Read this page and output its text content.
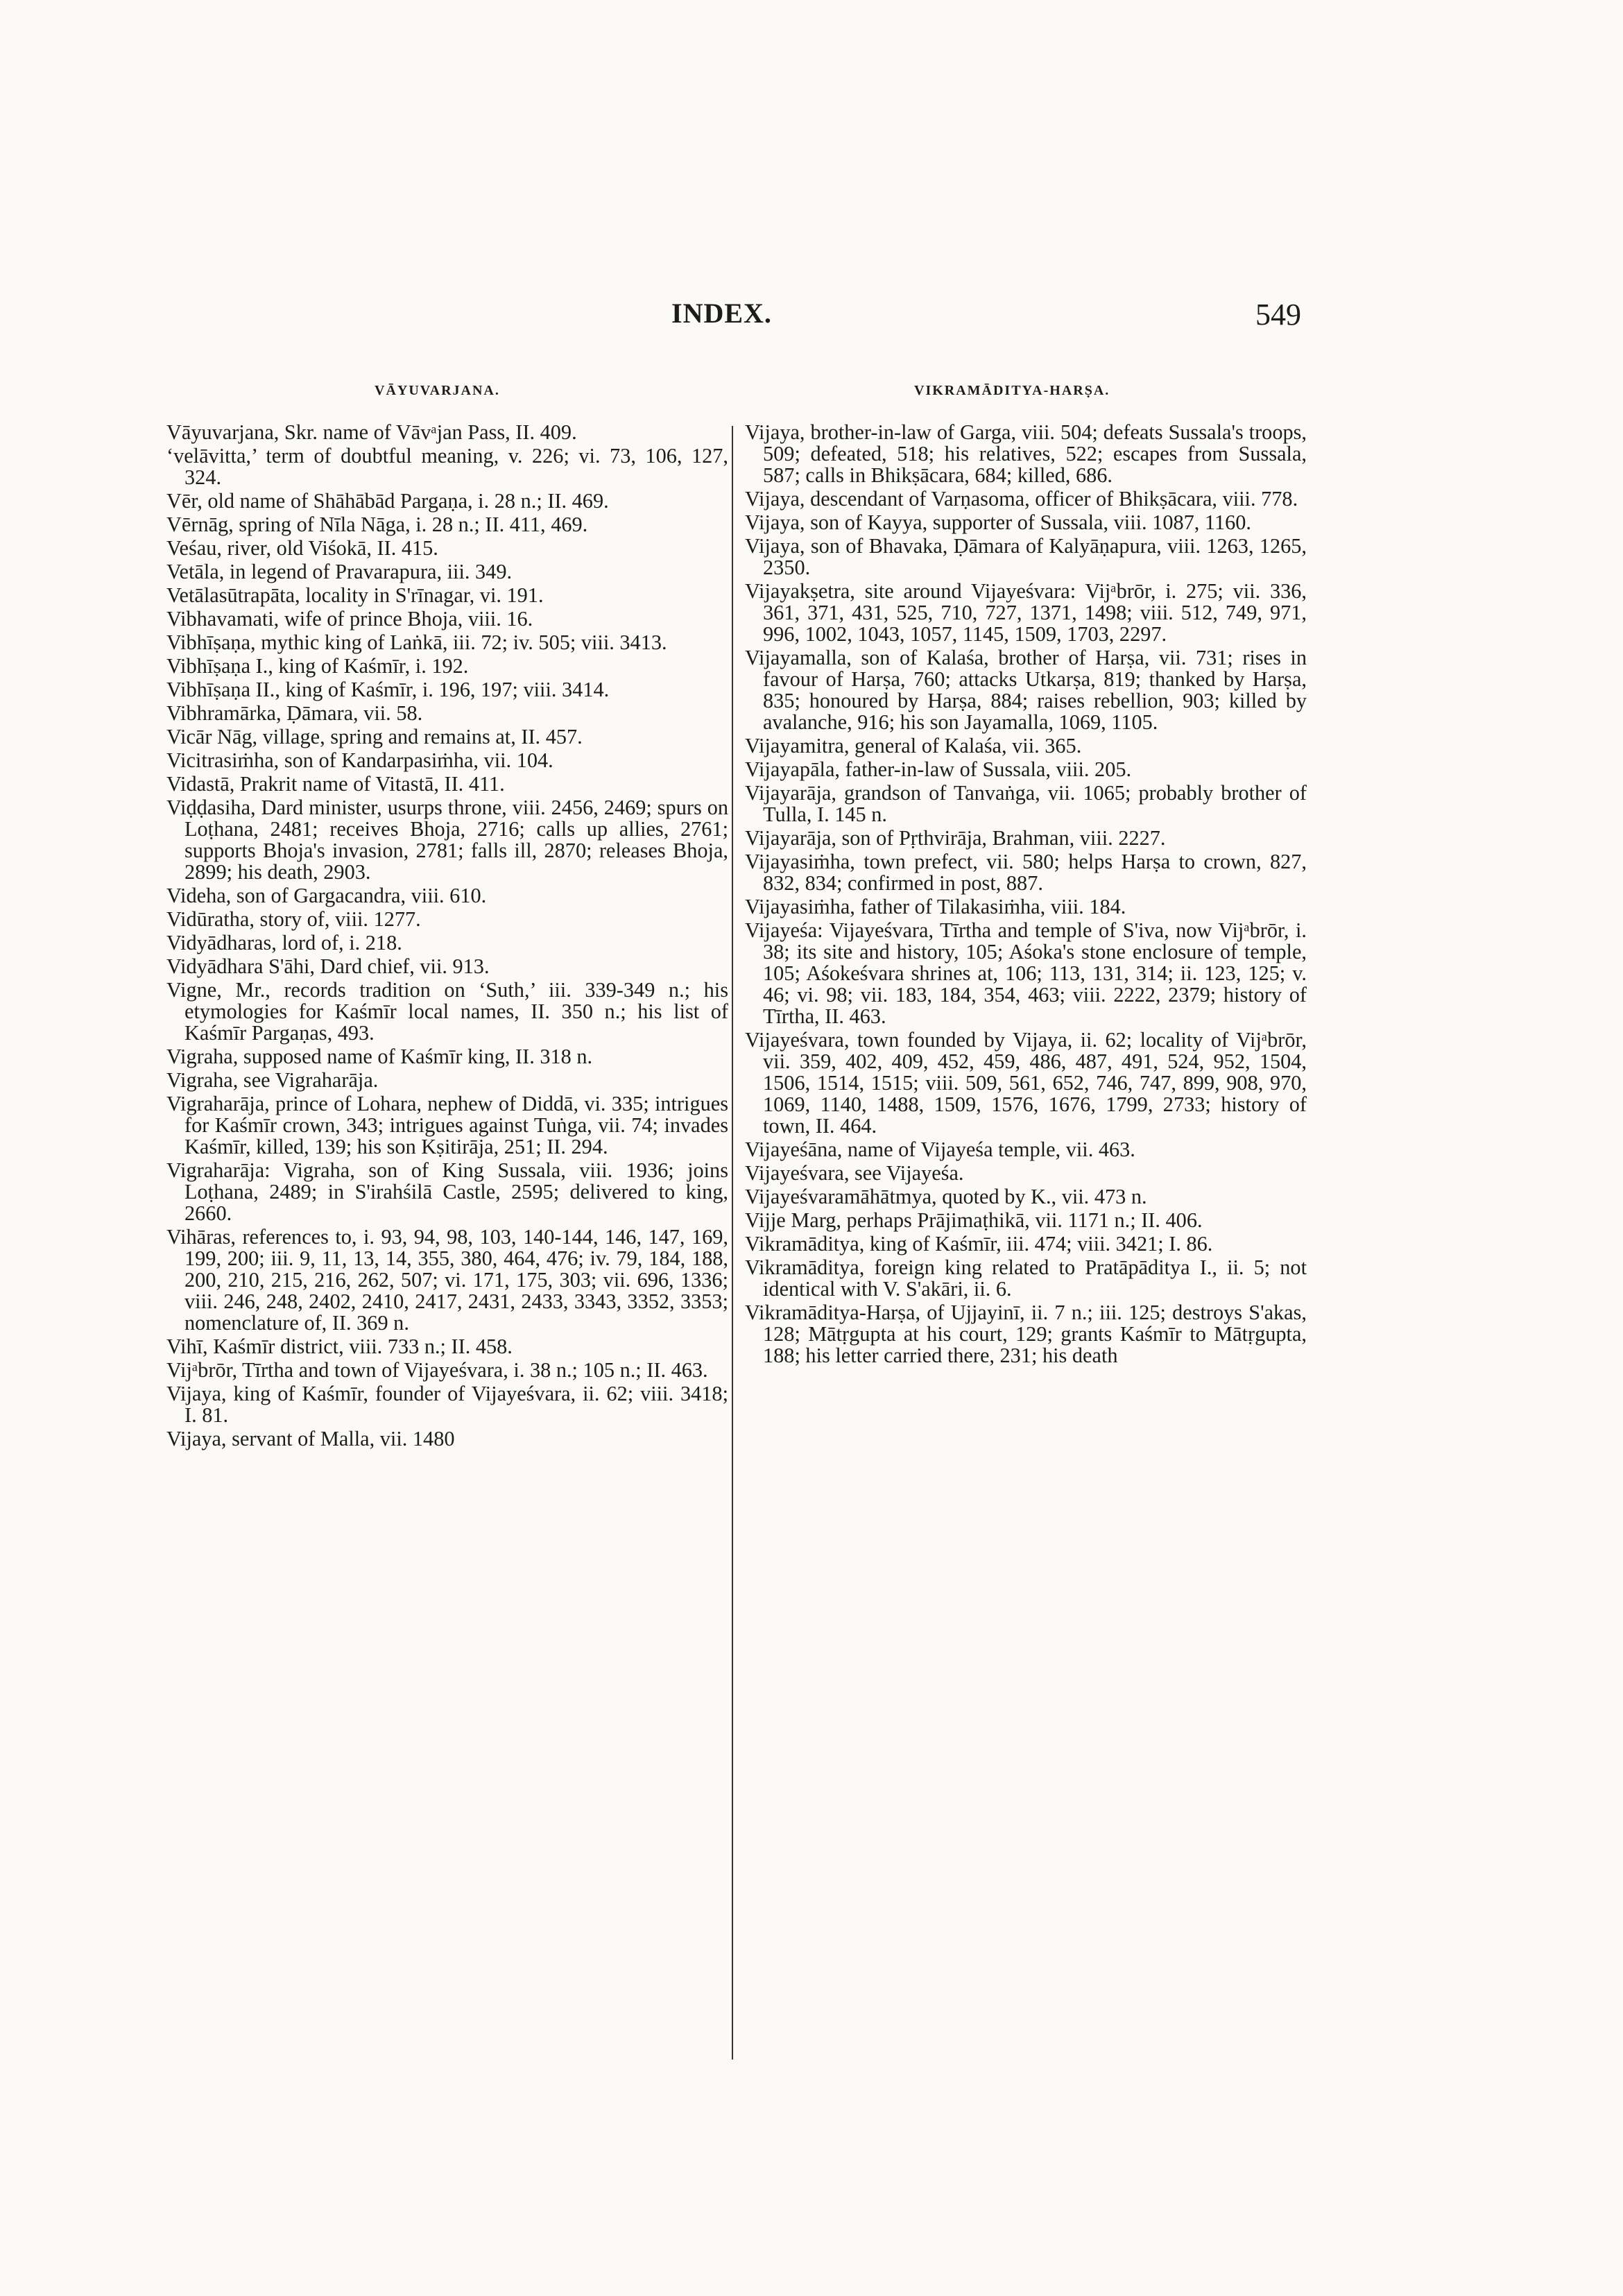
INDEX.	549
VĀYUVARJANA.	VIKRAMĀDITYA-HARṢA.

Vāyuvarjana, Skr. name of Vāvᵃjan Pass, II. 409.

‘velāvitta,’ term of doubtful meaning, v. 226; vi. 73, 106, 127, 324.

Vēr, old name of Shāhābād Pargaṇa, i. 28 n.; II. 469.

Vērnāg, spring of Nīla Nāga, i. 28 n.; II. 411, 469.

Veśau, river, old Viśokā, II. 415.

Vetāla, in legend of Pravarapura, iii. 349.

Vetālasūtrapāta, locality in S'rīnagar, vi. 191.

Vibhavamati, wife of prince Bhoja, viii. 16.

Vibhīṣaṇa, mythic king of Laṅkā, iii. 72; iv. 505; viii. 3413.

Vibhīṣaṇa I., king of Kaśmīr, i. 192.

Vibhīṣaṇa II., king of Kaśmīr, i. 196, 197; viii. 3414.

Vibhramārka, Ḍāmara, vii. 58.

Vicār Nāg, village, spring and remains at, II. 457.

Vicitrasiṁha, son of Kandarpasiṁha, vii. 104.

Vidastā, Prakrit name of Vitastā, II. 411.

Viḍḍasiha, Dard minister, usurps throne, viii. 2456, 2469; spurs on Loṭhana, 2481; receives Bhoja, 2716; calls up allies, 2761; supports Bhoja's invasion, 2781; falls ill, 2870; releases Bhoja, 2899; his death, 2903.

Videha, son of Gargacandra, viii. 610.

Vidūratha, story of, viii. 1277.

Vidyādharas, lord of, i. 218.

Vidyādhara S'āhi, Dard chief, vii. 913.

Vigne, Mr., records tradition on ‘Suth,’ iii. 339-349 n.; his etymologies for Kaśmīr local names, II. 350 n.; his list of Kaśmīr Pargaṇas, 493.

Vigraha, supposed name of Kaśmīr king, II. 318 n.

Vigraha, see Vigraharāja.

Vigraharāja, prince of Lohara, nephew of Diddā, vi. 335; intrigues for Kaśmīr crown, 343; intrigues against Tuṅga, vii. 74; invades Kaśmīr, killed, 139; his son Kṣitirāja, 251; II. 294.

Vigraharāja: Vigraha, son of King Sussala, viii. 1936; joins Loṭhana, 2489; in S'irahśilā Castle, 2595; delivered to king, 2660.

Vihāras, references to, i. 93, 94, 98, 103, 140-144, 146, 147, 169, 199, 200; iii. 9, 11, 13, 14, 355, 380, 464, 476; iv. 79, 184, 188, 200, 210, 215, 216, 262, 507; vi. 171, 175, 303; vii. 696, 1336; viii. 246, 248, 2402, 2410, 2417, 2431, 2433, 3343, 3352, 3353; nomenclature of, II. 369 n.

Vihī, Kaśmīr district, viii. 733 n.; II. 458.

Vijᵃbrōr, Tīrtha and town of Vijayeśvara, i. 38 n.; 105 n.; II. 463.

Vijaya, king of Kaśmīr, founder of Vijayeśvara, ii. 62; viii. 3418; I. 81.

Vijaya, servant of Malla, vii. 1480

Vijaya, brother-in-law of Garga, viii. 504; defeats Sussala's troops, 509; defeated, 518; his relatives, 522; escapes from Sussala, 587; calls in Bhikṣācara, 684; killed, 686.

Vijaya, descendant of Varṇasoma, officer of Bhikṣācara, viii. 778.

Vijaya, son of Kayya, supporter of Sussala, viii. 1087, 1160.

Vijaya, son of Bhavaka, Ḍāmara of Kalyāṇapura, viii. 1263, 1265, 2350.

Vijayakṣetra, site around Vijayeśvara: Vijᵃbrōr, i. 275; vii. 336, 361, 371, 431, 525, 710, 727, 1371, 1498; viii. 512, 749, 971, 996, 1002, 1043, 1057, 1145, 1509, 1703, 2297.

Vijayamalla, son of Kalaśa, brother of Harṣa, vii. 731; rises in favour of Harṣa, 760; attacks Utkarṣa, 819; thanked by Harṣa, 835; honoured by Harṣa, 884; raises rebellion, 903; killed by avalanche, 916; his son Jayamalla, 1069, 1105.

Vijayamitra, general of Kalaśa, vii. 365.

Vijayapāla, father-in-law of Sussala, viii. 205.

Vijayarāja, grandson of Tanvaṅga, vii. 1065; probably brother of Tulla, I. 145 n.

Vijayarāja, son of Pṛthvirāja, Brahman, viii. 2227.

Vijayasiṁha, town prefect, vii. 580; helps Harṣa to crown, 827, 832, 834; confirmed in post, 887.

Vijayasiṁha, father of Tilakasiṁha, viii. 184.

Vijayeśa: Vijayeśvara, Tīrtha and temple of S'iva, now Vijᵃbrōr, i. 38; its site and history, 105; Aśoka's stone enclosure of temple, 105; Aśokeśvara shrines at, 106; 113, 131, 314; ii. 123, 125; v. 46; vi. 98; vii. 183, 184, 354, 463; viii. 2222, 2379; history of Tīrtha, II. 463.

Vijayeśvara, town founded by Vijaya, ii. 62; locality of Vijᵃbrōr, vii. 359, 402, 409, 452, 459, 486, 487, 491, 524, 952, 1504, 1506, 1514, 1515; viii. 509, 561, 652, 746, 747, 899, 908, 970, 1069, 1140, 1488, 1509, 1576, 1676, 1799, 2733; history of town, II. 464.

Vijayeśāna, name of Vijayeśa temple, vii. 463.

Vijayeśvara, see Vijayeśa.

Vijayeśvaramāhātmya, quoted by K., vii. 473 n.

Vijje Marg, perhaps Prājimaṭhikā, vii. 1171 n.; II. 406.

Vikramāditya, king of Kaśmīr, iii. 474; viii. 3421; I. 86.

Vikramāditya, foreign king related to Pratāpāditya I., ii. 5; not identical with V. S'akāri, ii. 6.

Vikramāditya-Harṣa, of Ujjayinī, ii. 7 n.; iii. 125; destroys S'akas, 128; Mātṛgupta at his court, 129; grants Kaśmīr to Mātṛgupta, 188; his letter carried there, 231; his death
